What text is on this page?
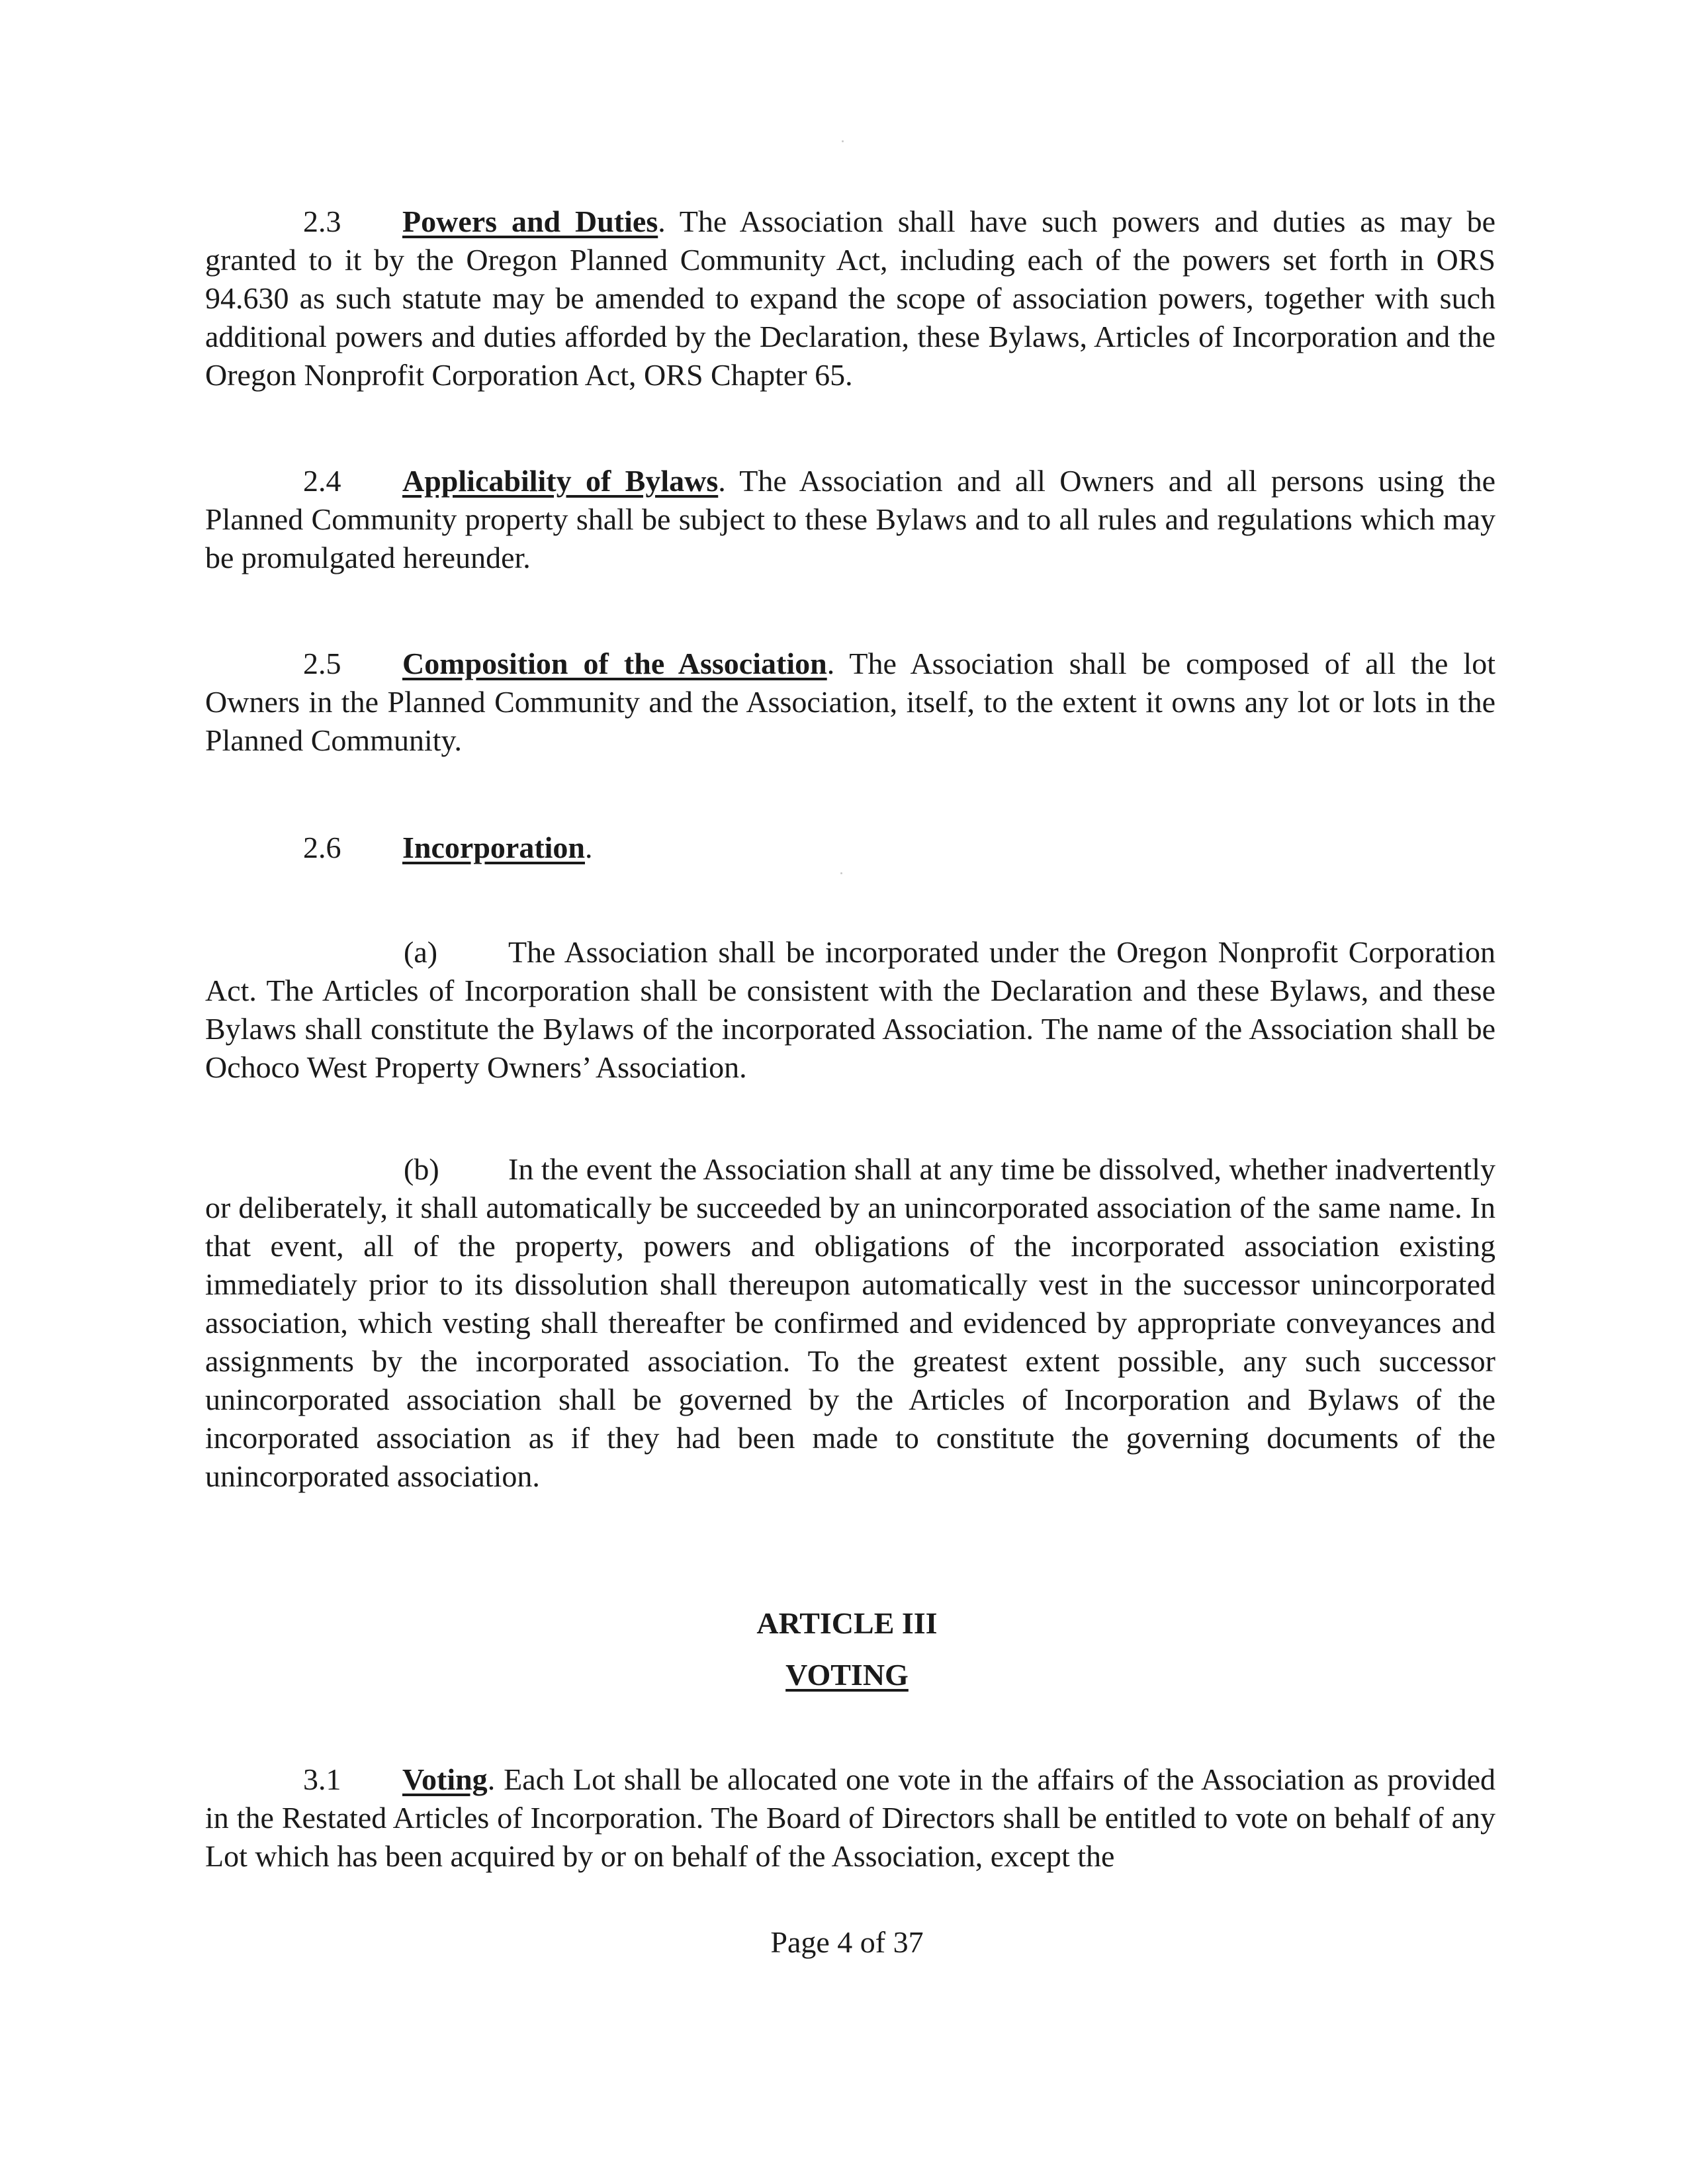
2.3 Powers and Duties. The Association shall have such powers and duties as may be granted to it by the Oregon Planned Community Act, including each of the powers set forth in ORS 94.630 as such statute may be amended to expand the scope of association powers, together with such additional powers and duties afforded by the Declaration, these Bylaws, Articles of Incorporation and the Oregon Nonprofit Corporation Act, ORS Chapter 65.

2.4 Applicability of Bylaws. The Association and all Owners and all persons using the Planned Community property shall be subject to these Bylaws and to all rules and regulations which may be promulgated hereunder.

2.5 Composition of the Association. The Association shall be composed of all the lot Owners in the Planned Community and the Association, itself, to the extent it owns any lot or lots in the Planned Community.

2.6 Incorporation.

(a) The Association shall be incorporated under the Oregon Nonprofit Corporation Act. The Articles of Incorporation shall be consistent with the Declaration and these Bylaws, and these Bylaws shall constitute the Bylaws of the incorporated Association. The name of the Association shall be Ochoco West Property Owners’ Association.

(b) In the event the Association shall at any time be dissolved, whether inadvertently or deliberately, it shall automatically be succeeded by an unincorporated association of the same name. In that event, all of the property, powers and obligations of the incorporated association existing immediately prior to its dissolution shall thereupon automatically vest in the successor unincorporated association, which vesting shall thereafter be confirmed and evidenced by appropriate conveyances and assignments by the incorporated association. To the greatest extent possible, any such successor unincorporated association shall be governed by the Articles of Incorporation and Bylaws of the incorporated association as if they had been made to constitute the governing documents of the unincorporated association.

ARTICLE III
VOTING

3.1 Voting. Each Lot shall be allocated one vote in the affairs of the Association as provided in the Restated Articles of Incorporation. The Board of Directors shall be entitled to vote on behalf of any Lot which has been acquired by or on behalf of the Association, except the

Page 4 of 37
